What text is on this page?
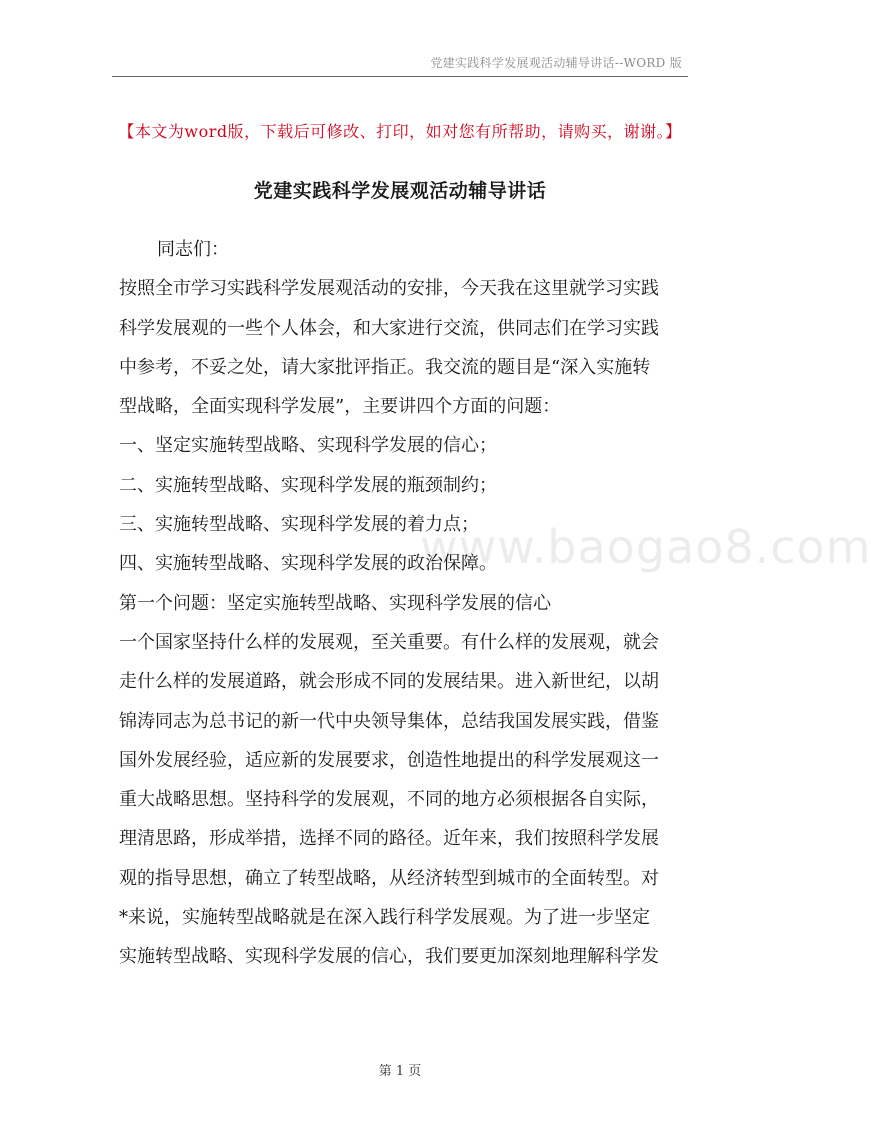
党建实践科学发展观活动辅导讲话--WORD 版
【本文为word版，下载后可修改、打印，如对您有所帮助，请购买，谢谢。】
党建实践科学发展观活动辅导讲话
www.baogao8.com
同志们：
按照全市学习实践科学发展观活动的安排，今天我在这里就学习实践
科学发展观的一些个人体会，和大家进行交流，供同志们在学习实践
中参考，不妥之处，请大家批评指正。我交流的题目是“深入实施转
型战略，全面实现科学发展”，主要讲四个方面的问题：
一、坚定实施转型战略、实现科学发展的信心；
二、实施转型战略、实现科学发展的瓶颈制约；
三、实施转型战略、实现科学发展的着力点；
四、实施转型战略、实现科学发展的政治保障。
第一个问题：坚定实施转型战略、实现科学发展的信心
一个国家坚持什么样的发展观，至关重要。有什么样的发展观，就会
走什么样的发展道路，就会形成不同的发展结果。进入新世纪，以胡
锦涛同志为总书记的新一代中央领导集体，总结我国发展实践，借鉴
国外发展经验，适应新的发展要求，创造性地提出的科学发展观这一
重大战略思想。坚持科学的发展观，不同的地方必须根据各自实际，
理清思路，形成举措，选择不同的路径。近年来，我们按照科学发展
观的指导思想，确立了转型战略，从经济转型到城市的全面转型。对
*来说，实施转型战略就是在深入践行科学发展观。为了进一步坚定
实施转型战略、实现科学发展的信心，我们要更加深刻地理解科学发
第 1 页
